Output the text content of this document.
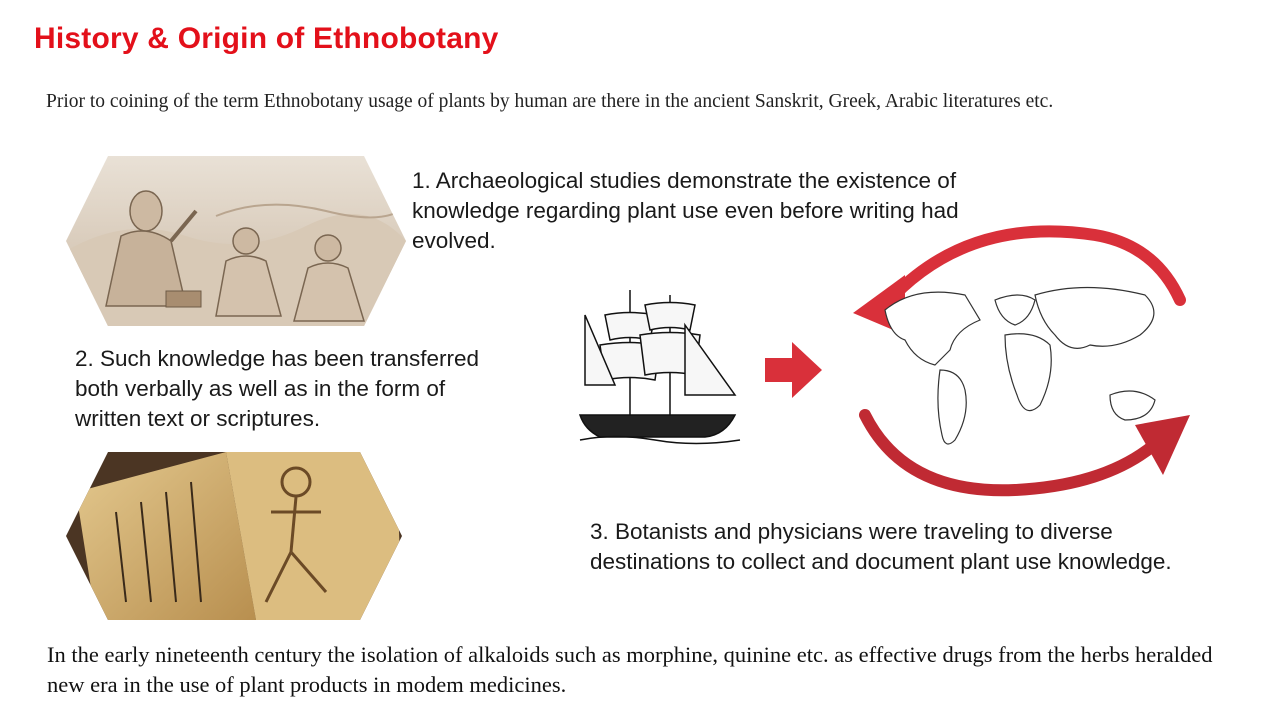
History & Origin of Ethnobotany
Prior to coining of the term Ethnobotany usage of plants by human are there in the ancient Sanskrit, Greek, Arabic literatures etc.
1. Archaeological studies demonstrate the existence of
knowledge regarding plant use even before writing had
evolved.
2. Such knowledge has been transferred
both verbally as well as in the form of
written text or scriptures.
3. Botanists and physicians were traveling to diverse
destinations to collect and document plant use knowledge.
In the early nineteenth century the isolation of alkaloids such as morphine, quinine etc. as effective drugs from the herbs heralded new era in the use of plant products in modem medicines.
